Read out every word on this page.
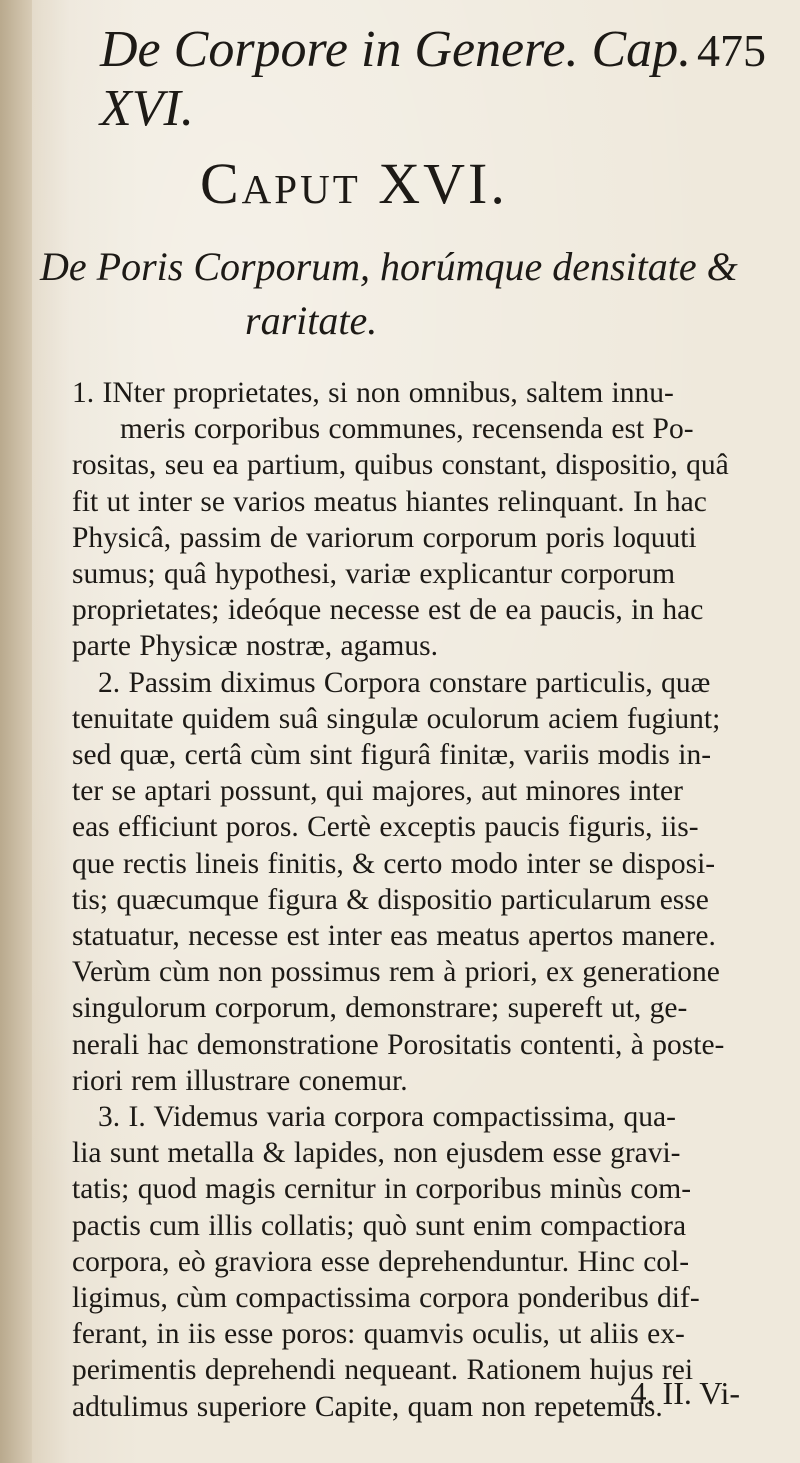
De Corpore in Genere. Cap. XVI.
475
Caput XVI.
De Poris Corporum, horúmque densitate &
raritate.
1. INter proprietates, si non omnibus, saltem innu-
meris corporibus communes, recensenda est Po-
rositas, seu ea partium, quibus constant, dispositio, quâ
fit ut inter se varios meatus hiantes relinquant. In hac
Physicâ, passim de variorum corporum poris loquuti
sumus; quâ hypothesi, variæ explicantur corporum
proprietates; ideóque necesse est de ea paucis, in hac
parte Physicæ nostræ, agamus.
2. Passim diximus Corpora constare particulis, quæ
tenuitate quidem suâ singulæ oculorum aciem fugiunt;
sed quæ, certâ cùm sint figurâ finitæ, variis modis in-
ter se aptari possunt, qui majores, aut minores inter
eas efficiunt poros. Certè exceptis paucis figuris, iis-
que rectis lineis finitis, & certo modo inter se disposi-
tis; quæcumque figura & dispositio particularum esse
statuatur, necesse est inter eas meatus apertos manere.
Verùm cùm non possimus rem à priori, ex generatione
singulorum corporum, demonstrare; supereft ut, ge-
nerali hac demonstratione Porositatis contenti, à poste-
riori rem illustrare conemur.
3. I. Videmus varia corpora compactissima, qua-
lia sunt metalla & lapides, non ejusdem esse gravi-
tatis; quod magis cernitur in corporibus minùs com-
pactis cum illis collatis; quò sunt enim compactiora
corpora, eò graviora esse deprehenduntur. Hinc col-
ligimus, cùm compactissima corpora ponderibus dif-
ferant, in iis esse poros: quamvis oculis, ut aliis ex-
perimentis deprehendi nequeant. Rationem hujus rei
adtulimus superiore Capite, quam non repetemus.
4. II. Vi-
